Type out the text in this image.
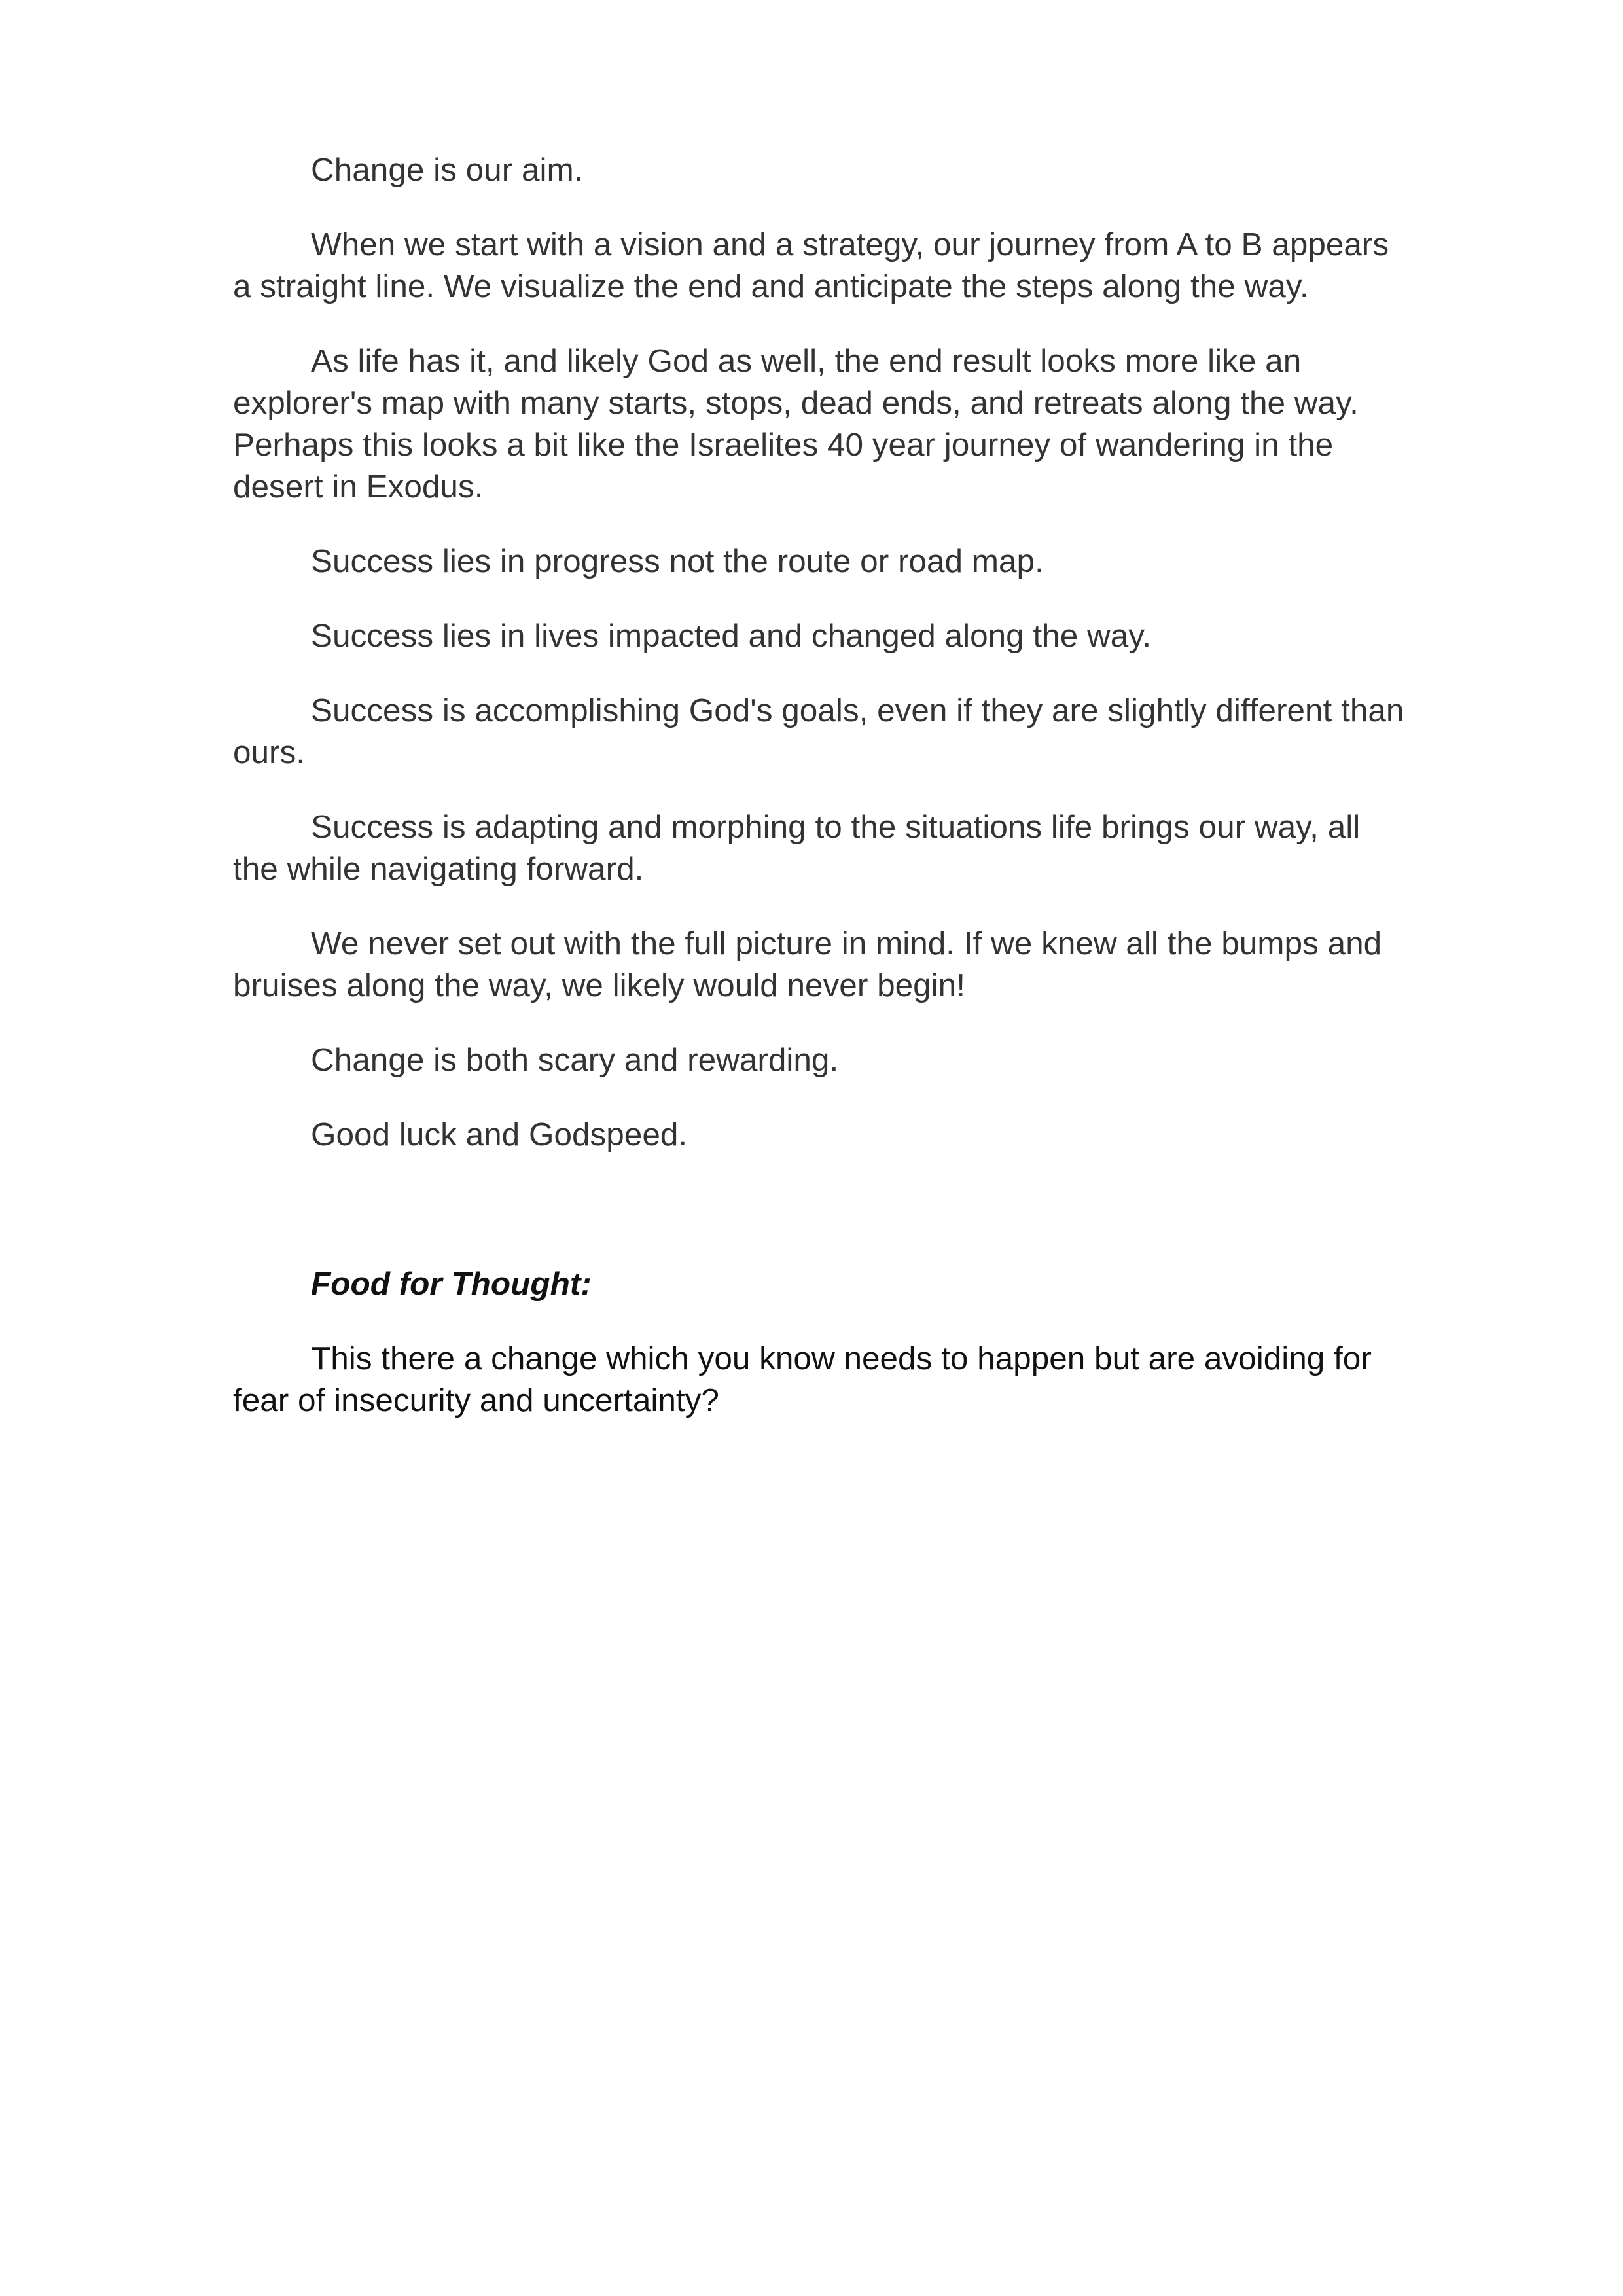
Change is our aim.

When we start with a vision and a strategy, our journey from A to B appears a straight line. We visualize the end and anticipate the steps along the way.

As life has it, and likely God as well, the end result looks more like an explorer's map with many starts, stops, dead ends, and retreats along the way. Perhaps this looks a bit like the Israelites 40 year journey of wandering in the desert in Exodus.

Success lies in progress not the route or road map.

Success lies in lives impacted and changed along the way.

Success is accomplishing God's goals, even if they are slightly different than ours.

Success is adapting and morphing to the situations life brings our way, all the while navigating forward.

We never set out with the full picture in mind. If we knew all the bumps and bruises along the way, we likely would never begin!

Change is both scary and rewarding.

Good luck and Godspeed.

Food for Thought:

This there a change which you know needs to happen but are avoiding for fear of insecurity and uncertainty?
